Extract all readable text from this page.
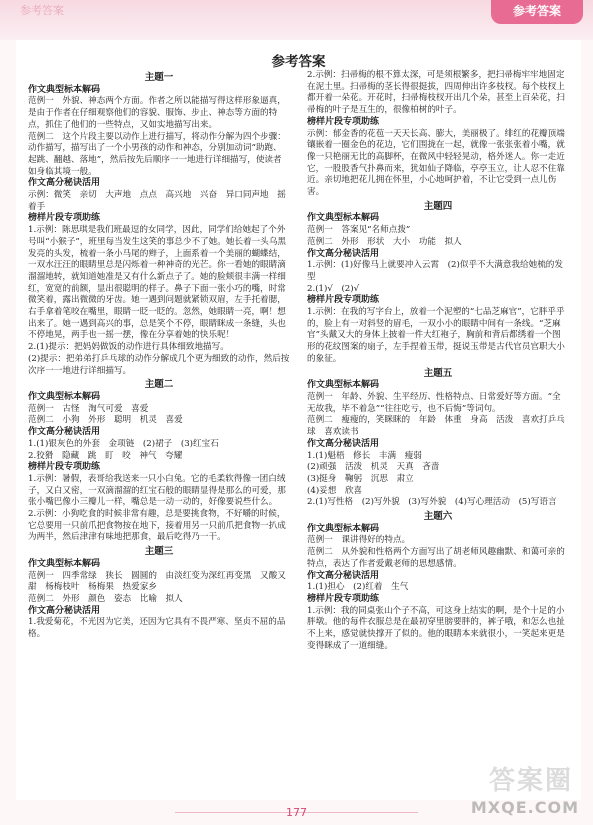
参考答案	参考答案
参考答案
主题一
作文典型标本解码
范例一　外貌、神态两个方面。作者之所以能描写得这样形象逼真，是由于作者在仔细观察他们的容貌、服饰、步止、神态等方面的特点，抓住了他们的一些特点，又如实地描写出来。
范例二　这个片段主要以动作上进行描写，将动作分解为四个步骤：动作描写，描写出了一个小男孩的动作和神态，分别加动词“助跑、起跳、翻越、落地”，然后按先后顺序一一地进行详细描写，使读者如身临其境一般。
作文高分秘诀活用
示例：微笑　亲切　大声地　点点　高兴地　兴奋　异口同声地　摇着手
榜样片段专项助练
1.示例：陈思琪是我们班最逗的女同学，因此，同学们给她起了个外号叫“小猴子”，班里每当发生这笑的事总少不了她。她长着一头乌黑发亮的头发，梳着一条小马尾的辫子，上面系着一个美丽的蝴蝶结，一双水汪汪的眼睛里总是闪烁着一种神奇的光芒。你一看她的眼睛滴溜溜地转，就知道她准是又有什么新点子了。她的脸颊很丰满一样细红，宽宽的前额，显出很聪明的样子。鼻子下面一张小巧的嘴，时常微笑着，露出微微的牙齿。她一遇到问题就紧锁双眉，左手托着腮，右手拿着笔咬在嘴里，眼睛一眨一眨的。忽然，她眼睛一亮，啊！想出来了。她一遇到高兴的事，总是笑个不停，眼睛眯成一条缝，头也不停地晃，两手也一摇一摆，像在分享着她的快乐呢！
2.(1)提示：把妈妈做饭的动作进行具体细致地描写。
(2)提示：把弟弟打乒乓球的动作分解成几个更为细致的动作，然后按次序一一地进行详细描写。
主题二
作文典型标本解码
范例一　古怪　淘气可爱　喜爱
范例二　小狗　外形　聪明　机灵　喜爱
作文高分秘诀活用
1.(1)银灰色的外套　金项链　(2)裙子　(3)红宝石
2.狡猾　隐藏　跳　盯　咬　神气　夸耀
榜样片段专项助练
1.示例：暑假，表哥给我送来一只小白兔。它的毛柔软得像一团白绒子，又白又密，一双滴溜溜的红宝石般的眼睛显得是那么的可爱，那张小嘴巴像小三瓣儿一样，嘴总是一动一动的，好像要说些什么。
2.示例：小狗吃食的时候非常有趣，总是要挑食物，不好嚼的时候，它总要用一只前爪把食物按在地下，接着用另一只前爪把食物一扒成为两半，然后津津有味地把那食，最后吃得乃一干。
主题三
作文典型标本解码
范例一　四季常绿　狭长　圆圆的　由淡红变为深红再变黑　又酸又甜　杨梅枝叶　杨梅果　热爱家乡
范例二　外形　颜色　姿态　比喻　拟人
作文高分秘诀活用
1.我爱菊花，不光因为它美，还因为它具有不畏严寒、坚贞不屈的品格。
2.示例：扫帚梅的根不算太深，可是须根繁多，把扫帚梅牢牢地固定在泥土里。扫帚梅的茎长得很挺拔，四周伸出许多枝杈。每个枝杈上都开着一朵花。开花时，扫帚梅枝杈开出几个朵，甚至上百朵花，扫帚梅的叶子是互生的，很像柏树的叶子。
榜样片段专项助练
示例：郁金香的花苞一天天长高、膨大，美丽极了。绯红的花瓣顶端镶嵌着一圈金色的花边，它们围拢在一起，就像一张张张着小嘴，就像一只艳丽无比的高脚杯，在微风中轻轻晃动，格外迷人。你一走近它，一股股香气扑鼻而来，犹如仙子降临，亭亭玉立，让人忍不住靠近。亲切地把花儿拥在怀里，小心地呵护着，不让它受到一点儿伤害。
主题四
作文典型标本解码
范例一　答案见“名师点拨”
范例二　外形　形状　大小　功能　拟人
作文高分秘诀活用
1.示例：(1)好像马上就要冲入云霄　(2)似乎不大满意我给她梳的发型
2.(1)√　(2)√
榜样片段专项助练
1.示例：在我的写字台上，放着一个泥塑的“七品芝麻官”，它胖乎乎的，脸上有一对斜竖的眉毛，一双小小的眼睛中间有一条线。“芝麻官”头戴又大的身体上披着一件大红袍子，胸前和背后都绣着一个图形的花纹图案的扇子，左手捏着玉带，挺说玉带是古代官员官职大小的象征。
主题五
作文典型标本解码
范例一　年龄、外貌、生平经历、性格特点、日常爱好等方面。“全无故我，毕不着急”“往往吃亏，也不后悔”等词句。
范例二　瘦瘦的，笑眯眯的　年龄　体重　身高　活泼　喜欢打乒乓球　喜欢读书
作文高分秘诀活用
1.(1)魁梧　修长　丰满　瘦弱
(2)顽强　活泼　机灵　天真　吝啬
(3)挺身　鞠躬　沉思　肃立
(4)妥想　欣喜
2.(1)写性格　(2)写外貌　(3)写外貌　(4)写心理活动　(5)写语言
主题六
作文典型标本解码
范例一　课讲得好的特点。
范例二　从外貌和性格两个方面写出了胡老师风趣幽默、和蔼可亲的特点，表达了作者爱戴老师的思想感情。
作文高分秘诀活用
1.(1)担心　(2)红着　生气
榜样片段专项助练
1.示例：我的同桌张山个子不高，可这身上结实的啊，是个十足的小胖墩。他的每件衣服总是在最初穿里膀要胖的，裤子哦，和怎么也扯不上来，感觉就快撑开了似的。他的眼睛本来就很小，一笑起来更是变得眯成了一道细缝。
177
答案圈
MXQE.COM
